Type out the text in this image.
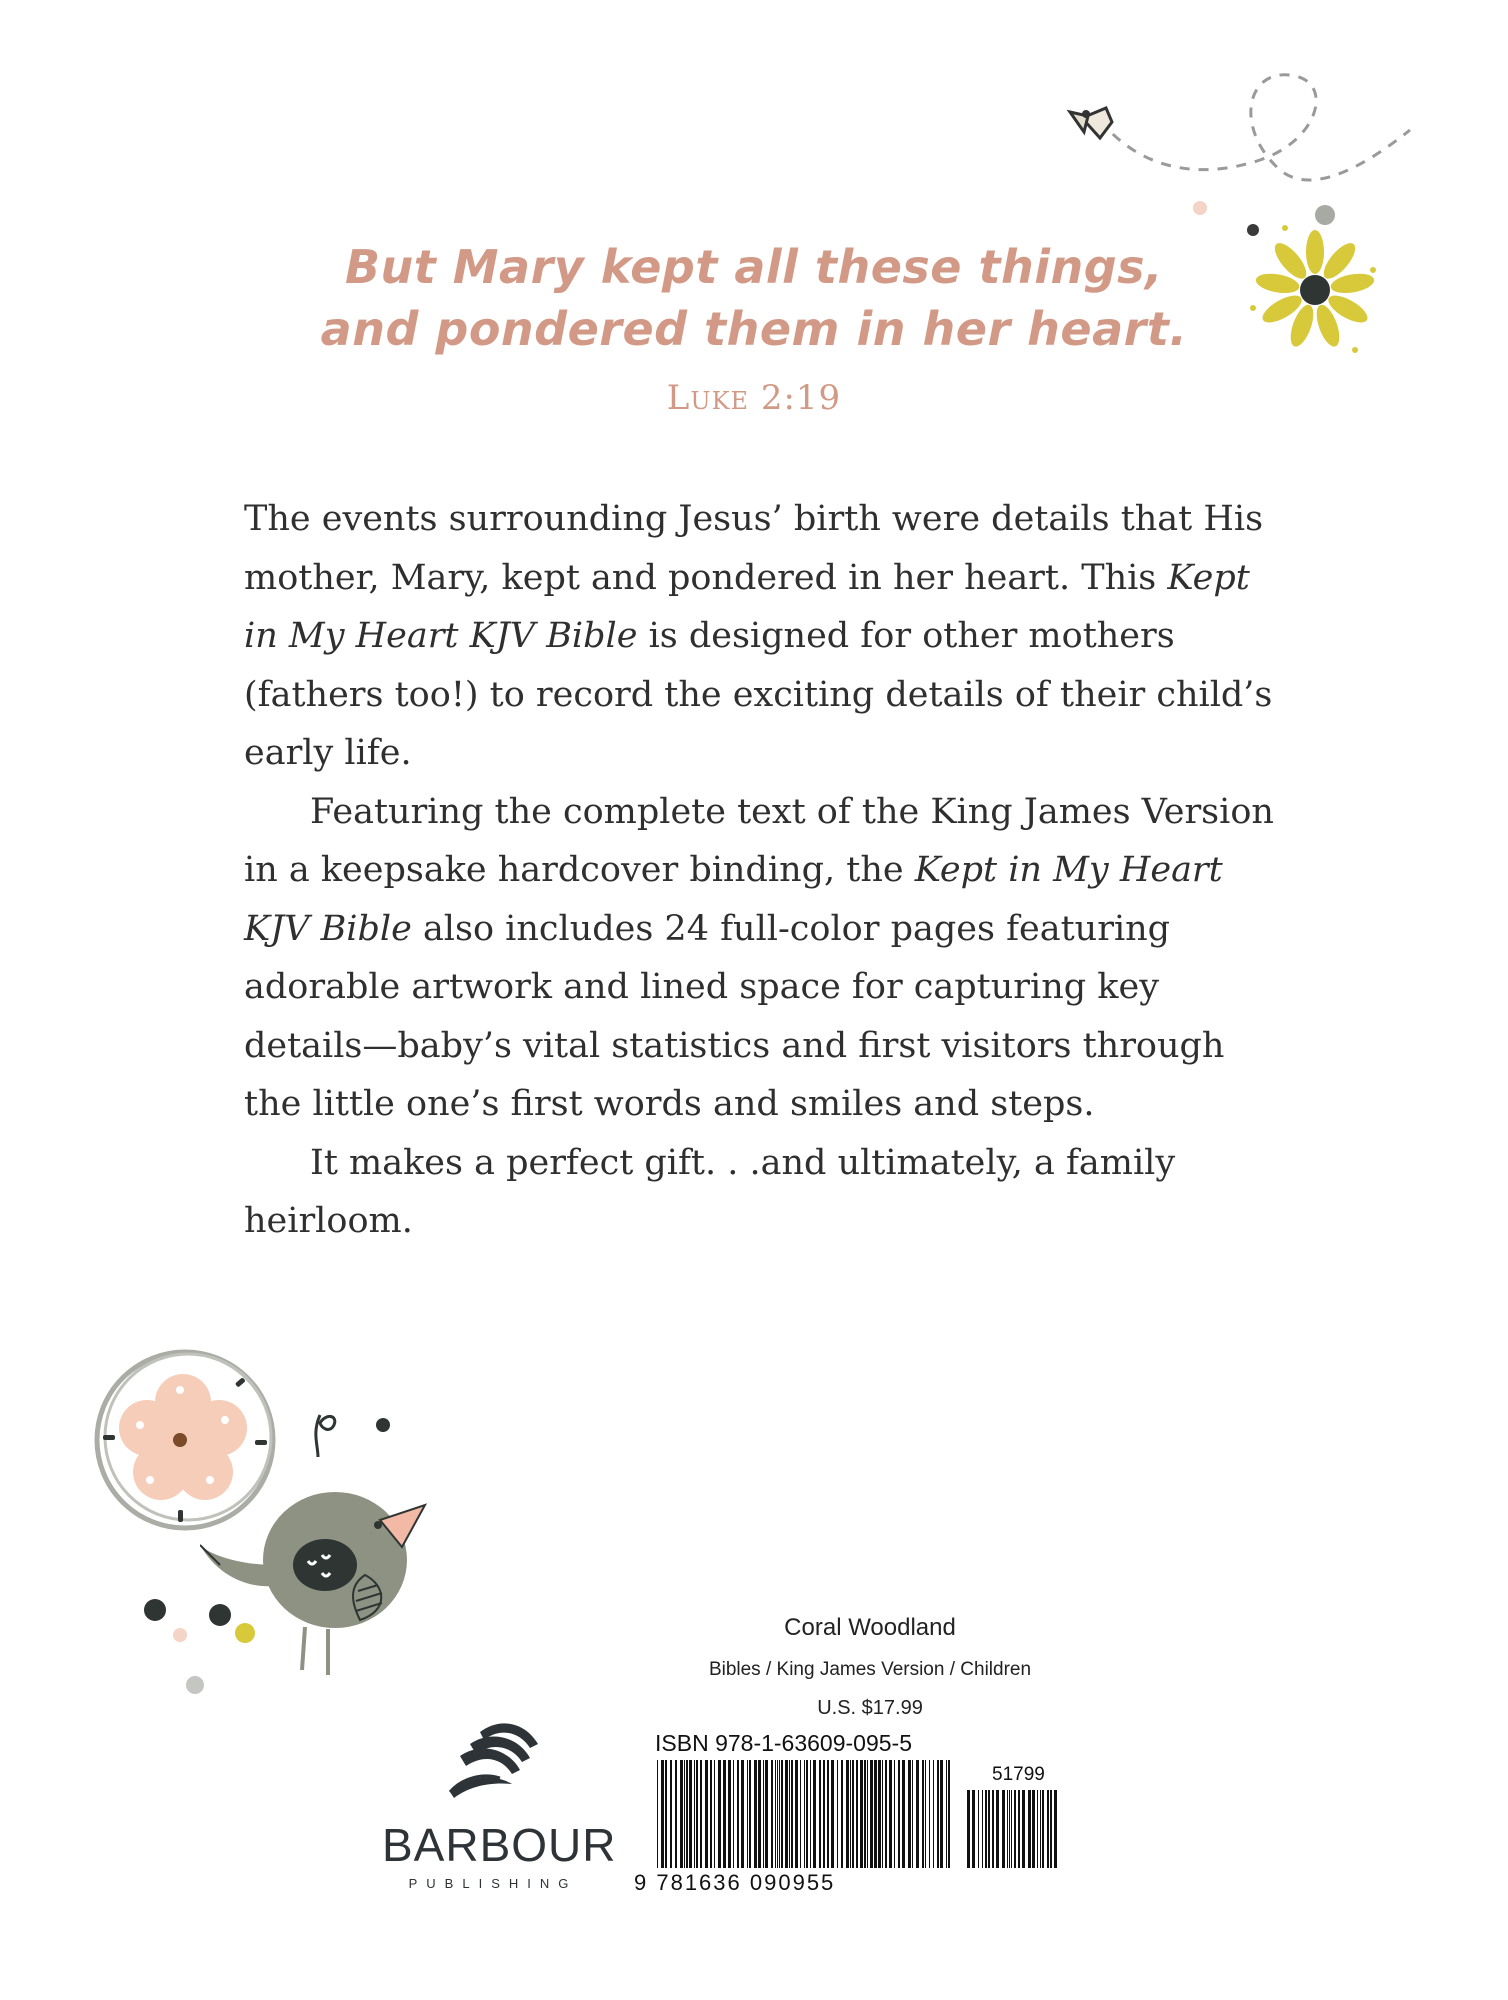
But Mary kept all these things,
and pondered them in her heart.
Luke 2:19

The events surrounding Jesus’ birth were details that His mother, Mary, kept and pondered in her heart. This Kept in My Heart KJV Bible is designed for other mothers (fathers too!) to record the exciting details of their child’s early life.

Featuring the complete text of the King James Version in a keepsake hardcover binding, the Kept in My Heart KJV Bible also includes 24 full-color pages featuring adorable artwork and lined space for capturing key details—baby’s vital statistics and first visitors through the little one’s first words and smiles and steps.

It makes a perfect gift. . .and ultimately, a family heirloom.

Coral Woodland
Bibles / King James Version / Children
U.S. $17.99
ISBN 978-1-63609-095-5
9 781636 090955
51799
BARBOUR
PUBLISHING
